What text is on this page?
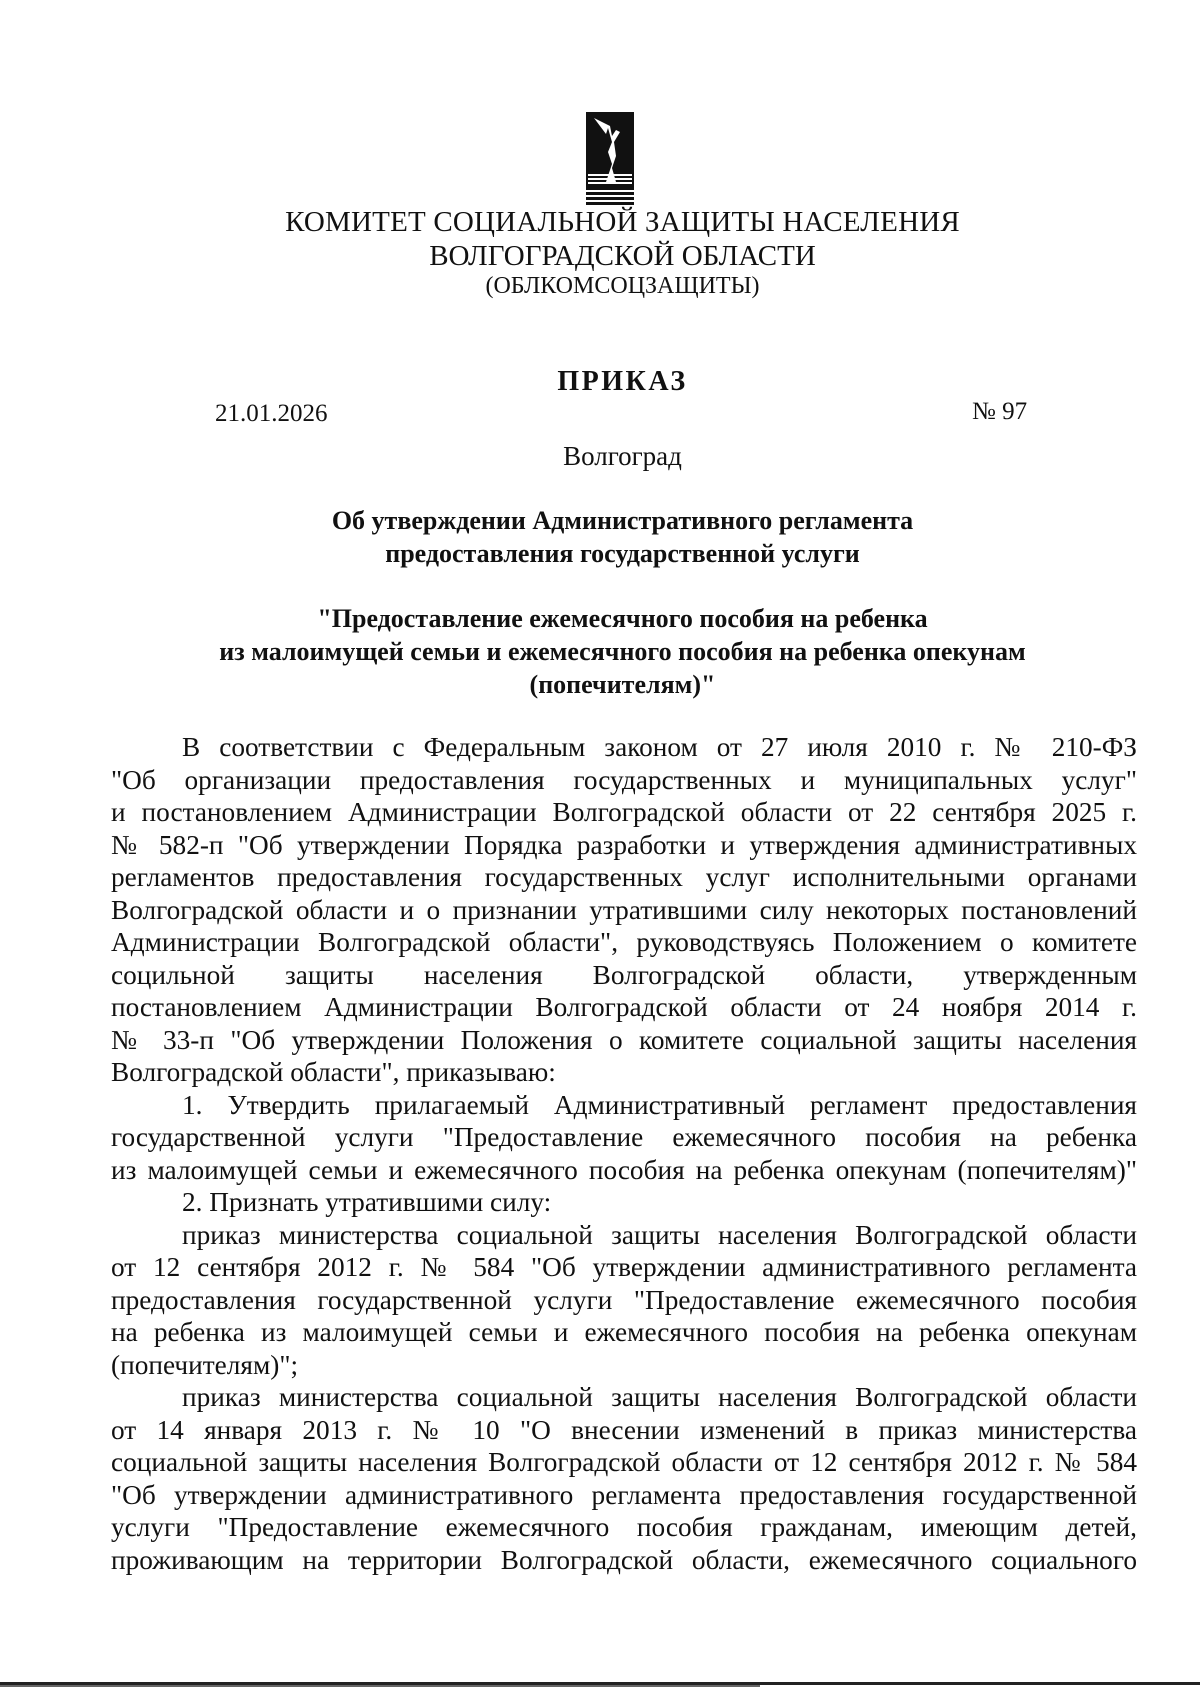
КОМИТЕТ СОЦИАЛЬНОЙ ЗАЩИТЫ НАСЕЛЕНИЯ
ВОЛГОГРАДСКОЙ ОБЛАСТИ
(ОБЛКОМСОЦЗАЩИТЫ)
ПРИКАЗ
21.01.2026	№ 97
Волгоград
Об утверждении Административного регламента
предоставления государственной услуги
"Предоставление ежемесячного пособия на ребенка
из малоимущей семьи и ежемесячного пособия на ребенка опекунам
(попечителям)"
В соответствии с Федеральным законом от 27 июля 2010 г. № 210-ФЗ
"Об организации предоставления государственных и муниципальных услуг"
и постановлением Администрации Волгоградской области от 22 сентября 2025 г.
№ 582-п "Об утверждении Порядка разработки и утверждения административных
регламентов предоставления государственных услуг исполнительными органами
Волгоградской области и о признании утратившими силу некоторых постановлений
Администрации Волгоградской области", руководствуясь Положением о комитете
социльной защиты населения Волгоградской области, утвержденным
постановлением Администрации Волгоградской области от 24 ноября 2014 г.
№ 33-п "Об утверждении Положения о комитете социальной защиты населения
Волгоградской области", приказываю:
1. Утвердить прилагаемый Административный регламент предоставления
государственной услуги "Предоставление ежемесячного пособия на ребенка
из малоимущей семьи и ежемесячного пособия на ребенка опекунам (попечителям)"
2. Признать утратившими силу:
приказ министерства социальной защиты населения Волгоградской области
от 12 сентября 2012 г. № 584 "Об утверждении административного регламента
предоставления государственной услуги "Предоставление ежемесячного пособия
на ребенка из малоимущей семьи и ежемесячного пособия на ребенка опекунам
(попечителям)";
приказ министерства социальной защиты населения Волгоградской области
от 14 января 2013 г. № 10 "О внесении изменений в приказ министерства
социальной защиты населения Волгоградской области от 12 сентября 2012 г. № 584
"Об утверждении административного регламента предоставления государственной
услуги "Предоставление ежемесячного пособия гражданам, имеющим детей,
проживающим на территории Волгоградской области, ежемесячного социального
